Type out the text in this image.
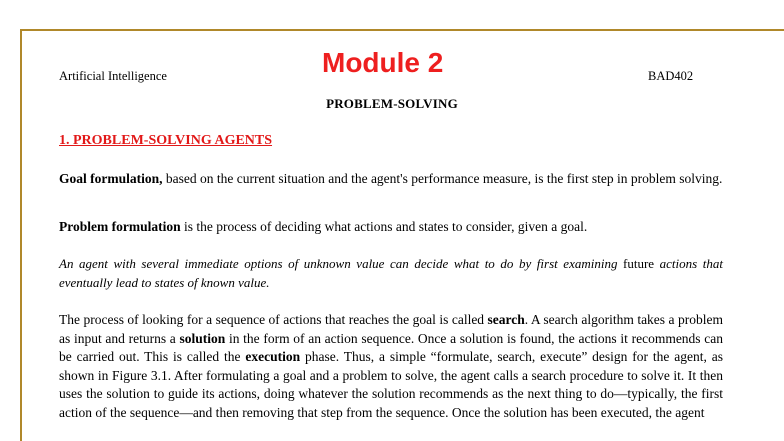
Artificial Intelligence	Module 2	BAD402
PROBLEM-SOLVING
1. PROBLEM-SOLVING AGENTS
Goal formulation, based on the current situation and the agent's performance measure, is the first step in problem solving.
Problem formulation is the process of deciding what actions and states to consider, given a goal.
An agent with several immediate options of unknown value can decide what to do by first examining future actions that eventually lead to states of known value.
The process of looking for a sequence of actions that reaches the goal is called search. A search algorithm takes a problem as input and returns a solution in the form of an action sequence. Once a solution is found, the actions it recommends can be carried out. This is called the execution phase. Thus, a simple “formulate, search, execute” design for the agent, as shown in Figure 3.1. After formulating a goal and a problem to solve, the agent calls a search procedure to solve it. It then uses the solution to guide its actions, doing whatever the solution recommends as the next thing to do—typically, the first action of the sequence—and then removing that step from the sequence. Once the solution has been executed, the agent
